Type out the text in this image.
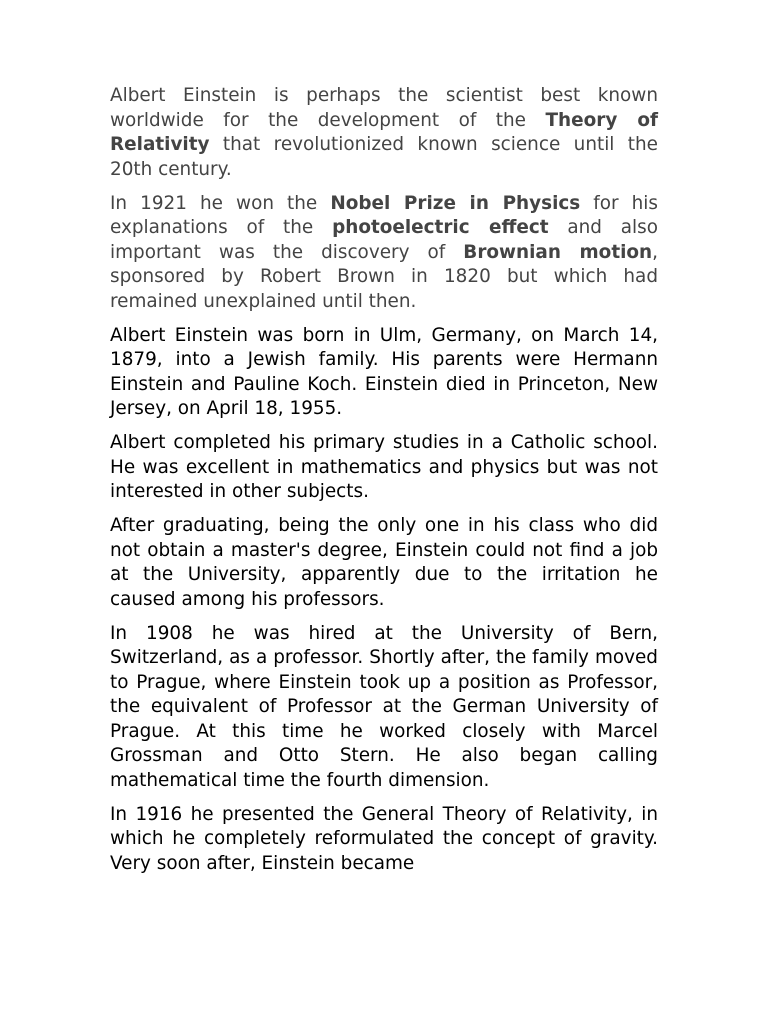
Albert Einstein is perhaps the scientist best known worldwide for the development of the Theory of Relativity that revolutionized known science until the 20th century.

In 1921 he won the Nobel Prize in Physics for his explanations of the photoelectric effect and also important was the discovery of Brownian motion, sponsored by Robert Brown in 1820 but which had remained unexplained until then.

Albert Einstein was born in Ulm, Germany, on March 14, 1879, into a Jewish family. His parents were Hermann Einstein and Pauline Koch. Einstein died in Princeton, New Jersey, on April 18, 1955.

Albert completed his primary studies in a Catholic school. He was excellent in mathematics and physics but was not interested in other subjects.

After graduating, being the only one in his class who did not obtain a master's degree, Einstein could not find a job at the University, apparently due to the irritation he caused among his professors.

In 1908 he was hired at the University of Bern, Switzerland, as a professor. Shortly after, the family moved to Prague, where Einstein took up a position as Professor, the equivalent of Professor at the German University of Prague. At this time he worked closely with Marcel Grossman and Otto Stern. He also began calling mathematical time the fourth dimension.

In 1916 he presented the General Theory of Relativity, in which he completely reformulated the concept of gravity. Very soon after, Einstein became
